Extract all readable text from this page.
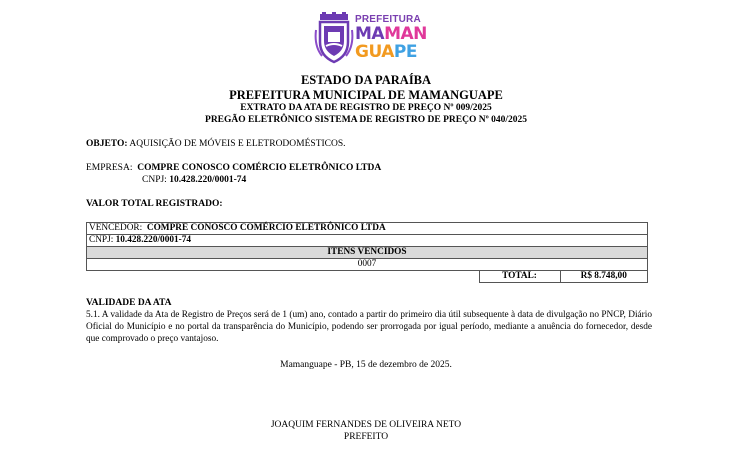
PREFEITURA
MAMAN
GUAPE
ESTADO DA PARAÍBA
PREFEITURA MUNICIPAL DE MAMANGUAPE
EXTRATO DA ATA DE REGISTRO DE PREÇO Nº 009/2025
PREGÃO ELETRÔNICO SISTEMA DE REGISTRO DE PREÇO Nº 040/2025
OBJETO: AQUISIÇÃO DE MÓVEIS E ELETRODOMÉSTICOS.
EMPRESA: COMPRE CONOSCO COMÉRCIO ELETRÔNICO LTDA
CNPJ: 10.428.220/0001-74
VALOR TOTAL REGISTRADO:
VENCEDOR: COMPRE CONOSCO COMÉRCIO ELETRÔNICO LTDA
CNPJ: 10.428.220/0001-74
ITENS VENCIDOS
0007
	TOTAL:	R$ 8.748,00
VALIDADE DA ATA
5.1. A validade da Ata de Registro de Preços será de 1 (um) ano, contado a partir do primeiro dia útil subsequente à data de divulgação no PNCP, Diário Oficial do Município e no portal da transparência do Município, podendo ser prorrogada por igual período, mediante a anuência do fornecedor, desde que comprovado o preço vantajoso.
Mamanguape - PB, 15 de dezembro de 2025.
JOAQUIM FERNANDES DE OLIVEIRA NETO
PREFEITO
